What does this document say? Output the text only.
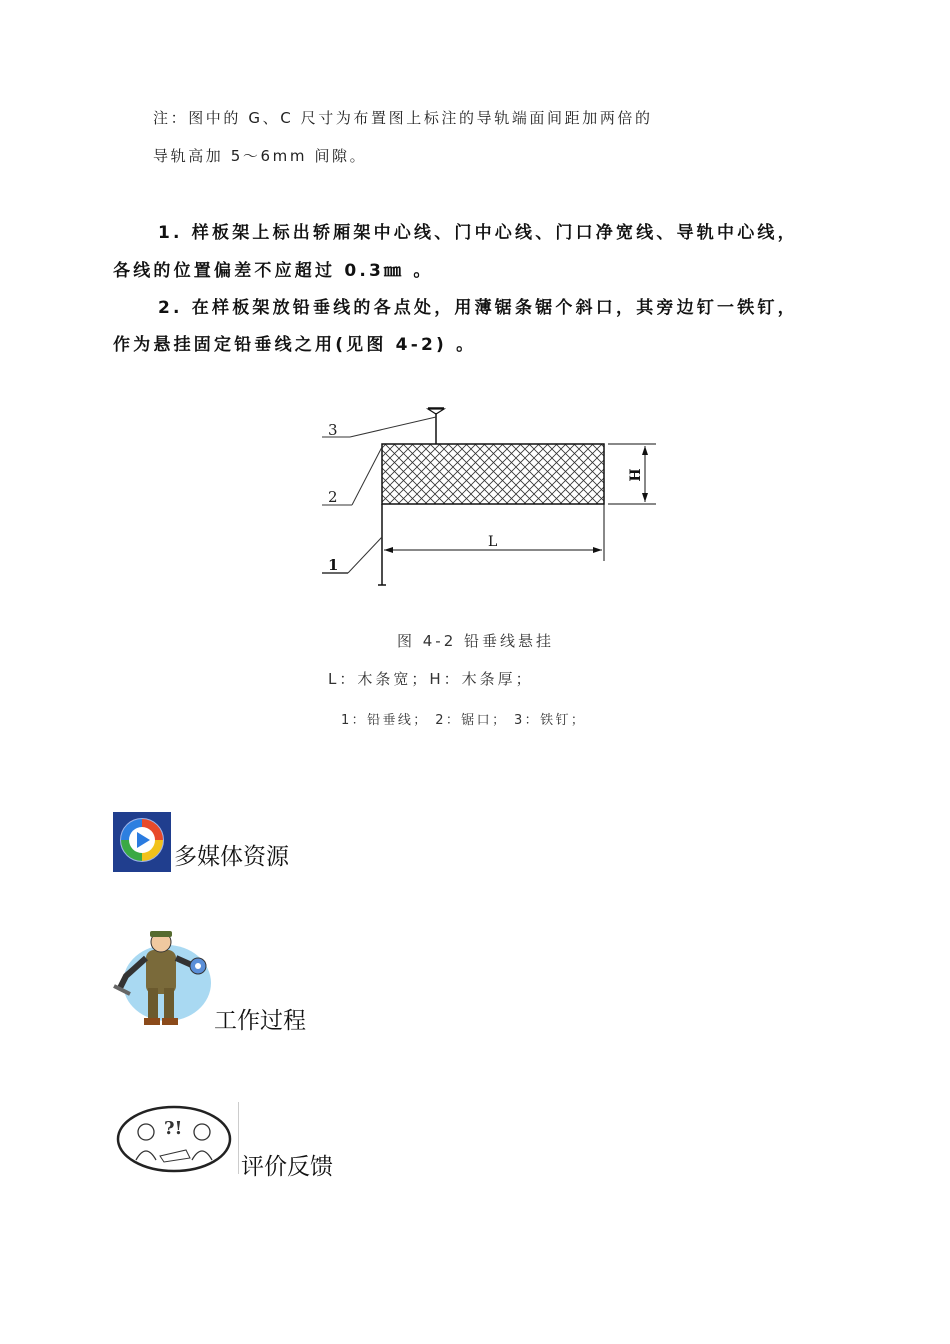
注：图中的 G、C 尺寸为布置图上标注的导轨端面间距加两倍的
导轨高加 5～6mm 间隙。
1. 样板架上标出轿厢架中心线、门中心线、门口净宽线、导轨中心线，
各线的位置偏差不应超过 0.3㎜ 。
2. 在样板架放铅垂线的各点处，用薄锯条锯个斜口，其旁边钉一铁钉，
作为悬挂固定铅垂线之用(见图 4-2) 。
3
2
1
L
H
图 4-2 铅垂线悬挂
L：木条宽；H：木条厚；
1：铅垂线； 2：锯口； 3：铁钉；
多媒体资源
工作过程
?!
评价反馈
